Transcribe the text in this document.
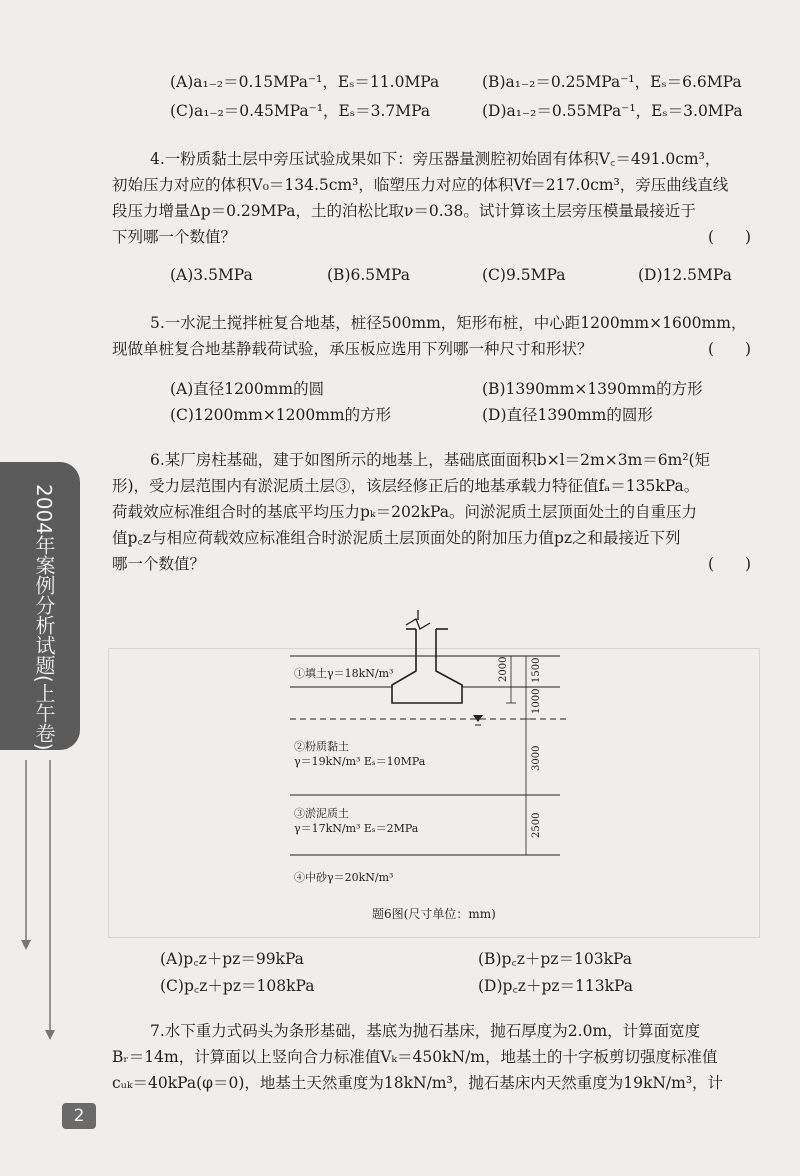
2004年案例分析试题(上午卷)
(A)a₁₋₂＝0.15MPa⁻¹，Eₛ＝11.0MPa	(B)a₁₋₂＝0.25MPa⁻¹，Eₛ＝6.6MPa
(C)a₁₋₂＝0.45MPa⁻¹，Eₛ＝3.7MPa	(D)a₁₋₂＝0.55MPa⁻¹，Eₛ＝3.0MPa
4.一粉质黏土层中旁压试验成果如下：旁压器量测腔初始固有体积V꜀＝491.0cm³，
初始压力对应的体积V₀＝134.5cm³，临塑压力对应的体积Vf＝217.0cm³，旁压曲线直线
段压力增量Δp＝0.29MPa，土的泊松比取ν＝0.38。试计算该土层旁压模量最接近于
下列哪一个数值？	(　　)
(A)3.5MPa	(B)6.5MPa	(C)9.5MPa	(D)12.5MPa
5.一水泥土搅拌桩复合地基，桩径500mm，矩形布桩，中心距1200mm×1600mm，
现做单桩复合地基静载荷试验，承压板应选用下列哪一种尺寸和形状？	(　　)
(A)直径1200mm的圆	(B)1390mm×1390mm的方形
(C)1200mm×1200mm的方形	(D)直径1390mm的圆形
6.某厂房柱基础，建于如图所示的地基上，基础底面面积b×l＝2m×3m＝6m²(矩
形)，受力层范围内有淤泥质土层③，该层经修正后的地基承载力特征值fₐ＝135kPa。
荷载效应标准组合时的基底平均压力pₖ＝202kPa。问淤泥质土层顶面处土的自重压力
值p꜀z与相应荷载效应标准组合时淤泥质土层顶面处的附加压力值pz之和最接近下列
哪一个数值？	(　　)
2000 1500
1000
3000
2500
①填土γ＝18kN/m³
②粉质黏土
γ＝19kN/m³ Eₛ＝10MPa
③淤泥质土
γ＝17kN/m³ Eₛ＝2MPa
④中砂γ＝20kN/m³
题6图(尺寸单位：mm)
(A)p꜀z＋pz＝99kPa	(B)p꜀z＋pz＝103kPa
(C)p꜀z＋pz＝108kPa	(D)p꜀z＋pz＝113kPa
7.水下重力式码头为条形基础，基底为抛石基床，抛石厚度为2.0m，计算面宽度
Bᵣ＝14m，计算面以上竖向合力标准值Vₖ＝450kN/m，地基土的十字板剪切强度标准值
cᵤₖ＝40kPa(φ＝0)，地基土天然重度为18kN/m³，抛石基床内天然重度为19kN/m³，计
2
